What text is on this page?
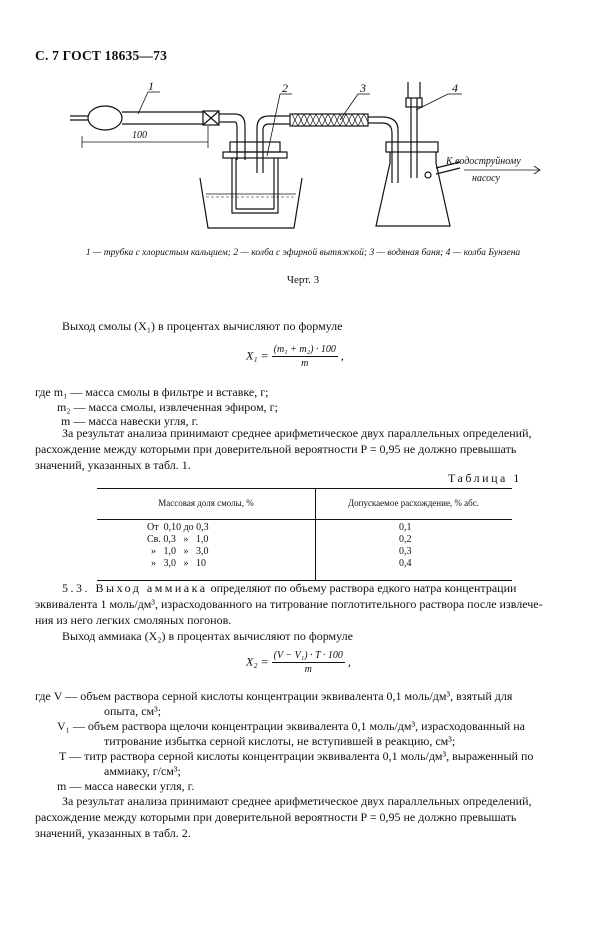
С. 7 ГОСТ 18635—73
1	2	3	4
100
К водоструйному
насосу
1 — трубка с хлористым кальцием; 2 — колба с эфирной вытяжкой; 3 — водяная баня; 4 — колба Бунзена
Черт. 3
Выход смолы (X₁) в процентах вычисляют по формуле
$X_1 = \frac{\text{(m₁ + m₂) · 100}}{m}$ ,
где m₁ — масса смолы в фильтре и вставке, г;
m₂ — масса смолы, извлеченная эфиром, г;
m — масса навески угля, г.
За результат анализа принимают среднее арифметическое двух параллельных определений,
расхождение между которыми при доверительной вероятности P = 0,95 не должно превышать
значений, указанных в табл. 1.
Таблица 1
Массовая доля смолы, %	Допускаемое расхождение, % абс.
От  0,10 до 0,3	0,1

Св. 0,3   »   1,0	0,2

»   1,0   »   3,0	0,3

»   3,0   »   10	0,4

5.3. Выход аммиака определяют по объему раствора едкого натра концентрации
эквивалента 1 моль/дм³, израсходованного на титрование поглотительного раствора после извлече-
ния из него легких смоляных погонов.
Выход аммиака (X₂) в процентах вычисляют по формуле
$X_2 = \frac{\text{(V − V₁) · T · 100}}{m}$ ,
где V — объем раствора серной кислоты концентрации эквивалента 0,1 моль/дм³, взятый для
опыта, см³;
V₁ — объем раствора щелочи концентрации эквивалента 0,1 моль/дм³, израсходованный на
титрование избытка серной кислоты, не вступившей в реакцию, см³;
T — титр раствора серной кислоты концентрации эквивалента 0,1 моль/дм³, выраженный по
аммиаку, г/см³;
m — масса навески угля, г.
За результат анализа принимают среднее арифметическое двух параллельных определений,
расхождение между которыми при доверительной вероятности P = 0,95 не должно превышать
значений, указанных в табл. 2.
